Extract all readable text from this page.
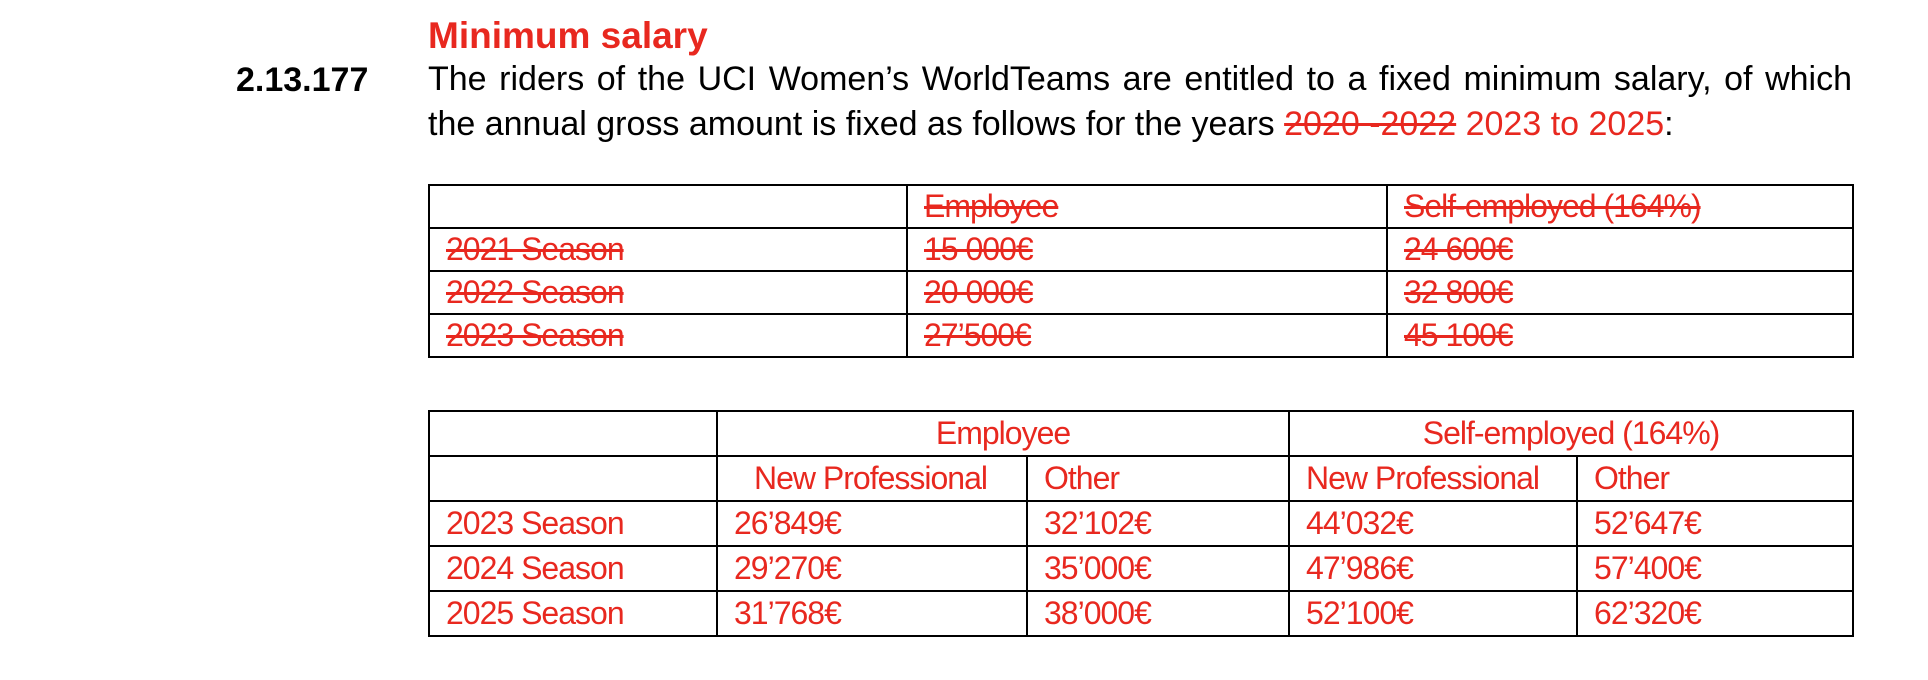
Minimum salary
2.13.177 The riders of the UCI Women’s WorldTeams are entitled to a fixed minimum salary, of which the annual gross amount is fixed as follows for the years 2020 -2022 2023 to 2025:
	Employee	Self-employed (164%)
2021 Season	15 000€	24 600€
2022 Season	20 000€	32 800€
2023 Season	27’500€	45 100€
	Employee		Self-employed (164%)	
	New Professional	Other	New Professional	Other
2023 Season	26’849€	32’102€	44’032€	52’647€
2024 Season	29’270€	35’000€	47’986€	57’400€
2025 Season	31’768€	38’000€	52’100€	62’320€
